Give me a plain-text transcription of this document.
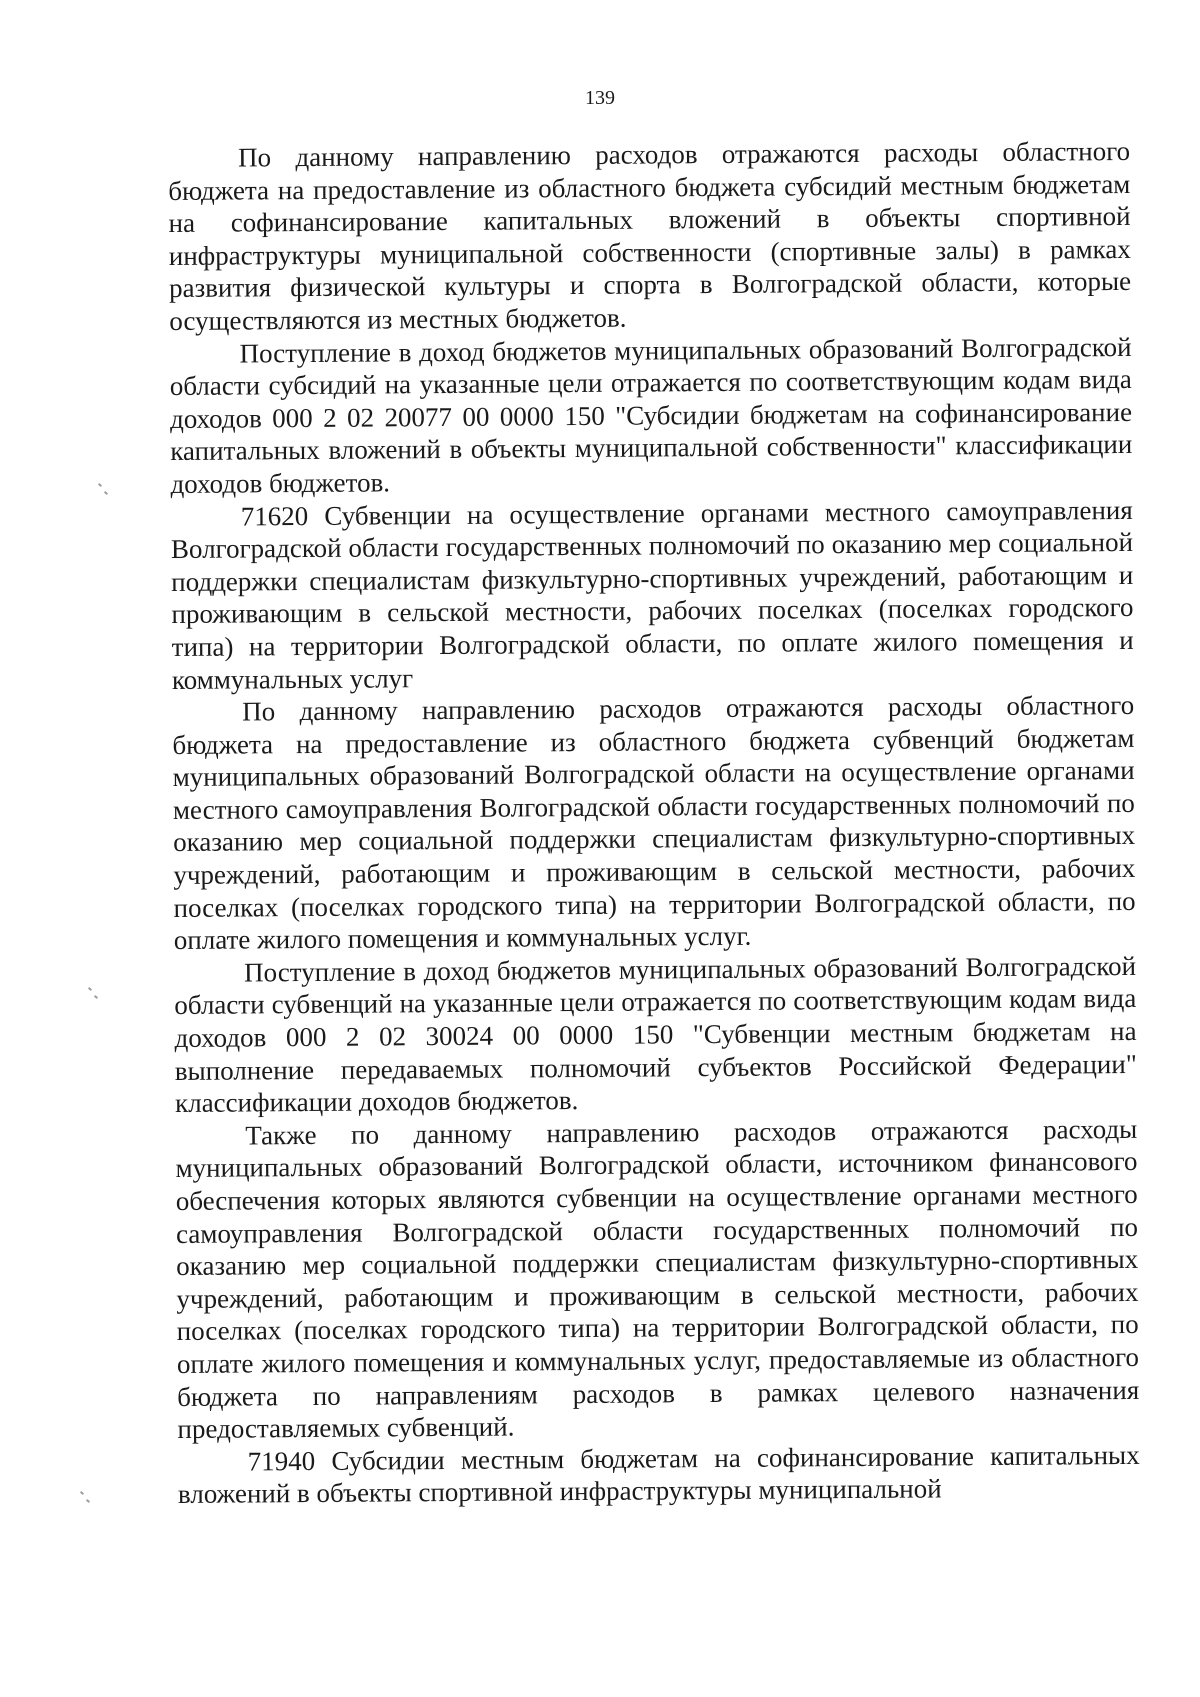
139

По данному направлению расходов отражаются расходы областного бюджета на предоставление из областного бюджета субсидий местным бюджетам на софинансирование капитальных вложений в объекты спортивной инфраструктуры муниципальной собственности (спортивные залы) в рамках развития физической культуры и спорта в Волгоградской области, которые осуществляются из местных бюджетов.

Поступление в доход бюджетов муниципальных образований Волгоградской области субсидий на указанные цели отражается по соответствующим кодам вида доходов 000 2 02 20077 00 0000 150 "Субсидии бюджетам на софинансирование капитальных вложений в объекты муниципальной собственности" классификации доходов бюджетов.

71620 Субвенции на осуществление органами местного самоуправления Волгоградской области государственных полномочий по оказанию мер социальной поддержки специалистам физкультурно-спортивных учреждений, работающим и проживающим в сельской местности, рабочих поселках (поселках городского типа) на территории Волгоградской области, по оплате жилого помещения и коммунальных услуг

По данному направлению расходов отражаются расходы областного бюджета на предоставление из областного бюджета субвенций бюджетам муниципальных образований Волгоградской области на осуществление органами местного самоуправления Волгоградской области государственных полномочий по оказанию мер социальной поддержки специалистам физкультурно-спортивных учреждений, работающим и проживающим в сельской местности, рабочих поселках (поселках городского типа) на территории Волгоградской области, по оплате жилого помещения и коммунальных услуг.

Поступление в доход бюджетов муниципальных образований Волгоградской области субвенций на указанные цели отражается по соответствующим кодам вида доходов 000 2 02 30024 00 0000 150 "Субвенции местным бюджетам на выполнение передаваемых полномочий субъектов Российской Федерации" классификации доходов бюджетов.

Также по данному направлению расходов отражаются расходы муниципальных образований Волгоградской области, источником финансового обеспечения которых являются субвенции на осуществление органами местного самоуправления Волгоградской области государственных полномочий по оказанию мер социальной поддержки специалистам физкультурно-спортивных учреждений, работающим и проживающим в сельской местности, рабочих поселках (поселках городского типа) на территории Волгоградской области, по оплате жилого помещения и коммунальных услуг, предоставляемые из областного бюджета по направлениям расходов в рамках целевого назначения предоставляемых субвенций.

71940 Субсидии местным бюджетам на софинансирование капитальных вложений в объекты спортивной инфраструктуры муниципальной
